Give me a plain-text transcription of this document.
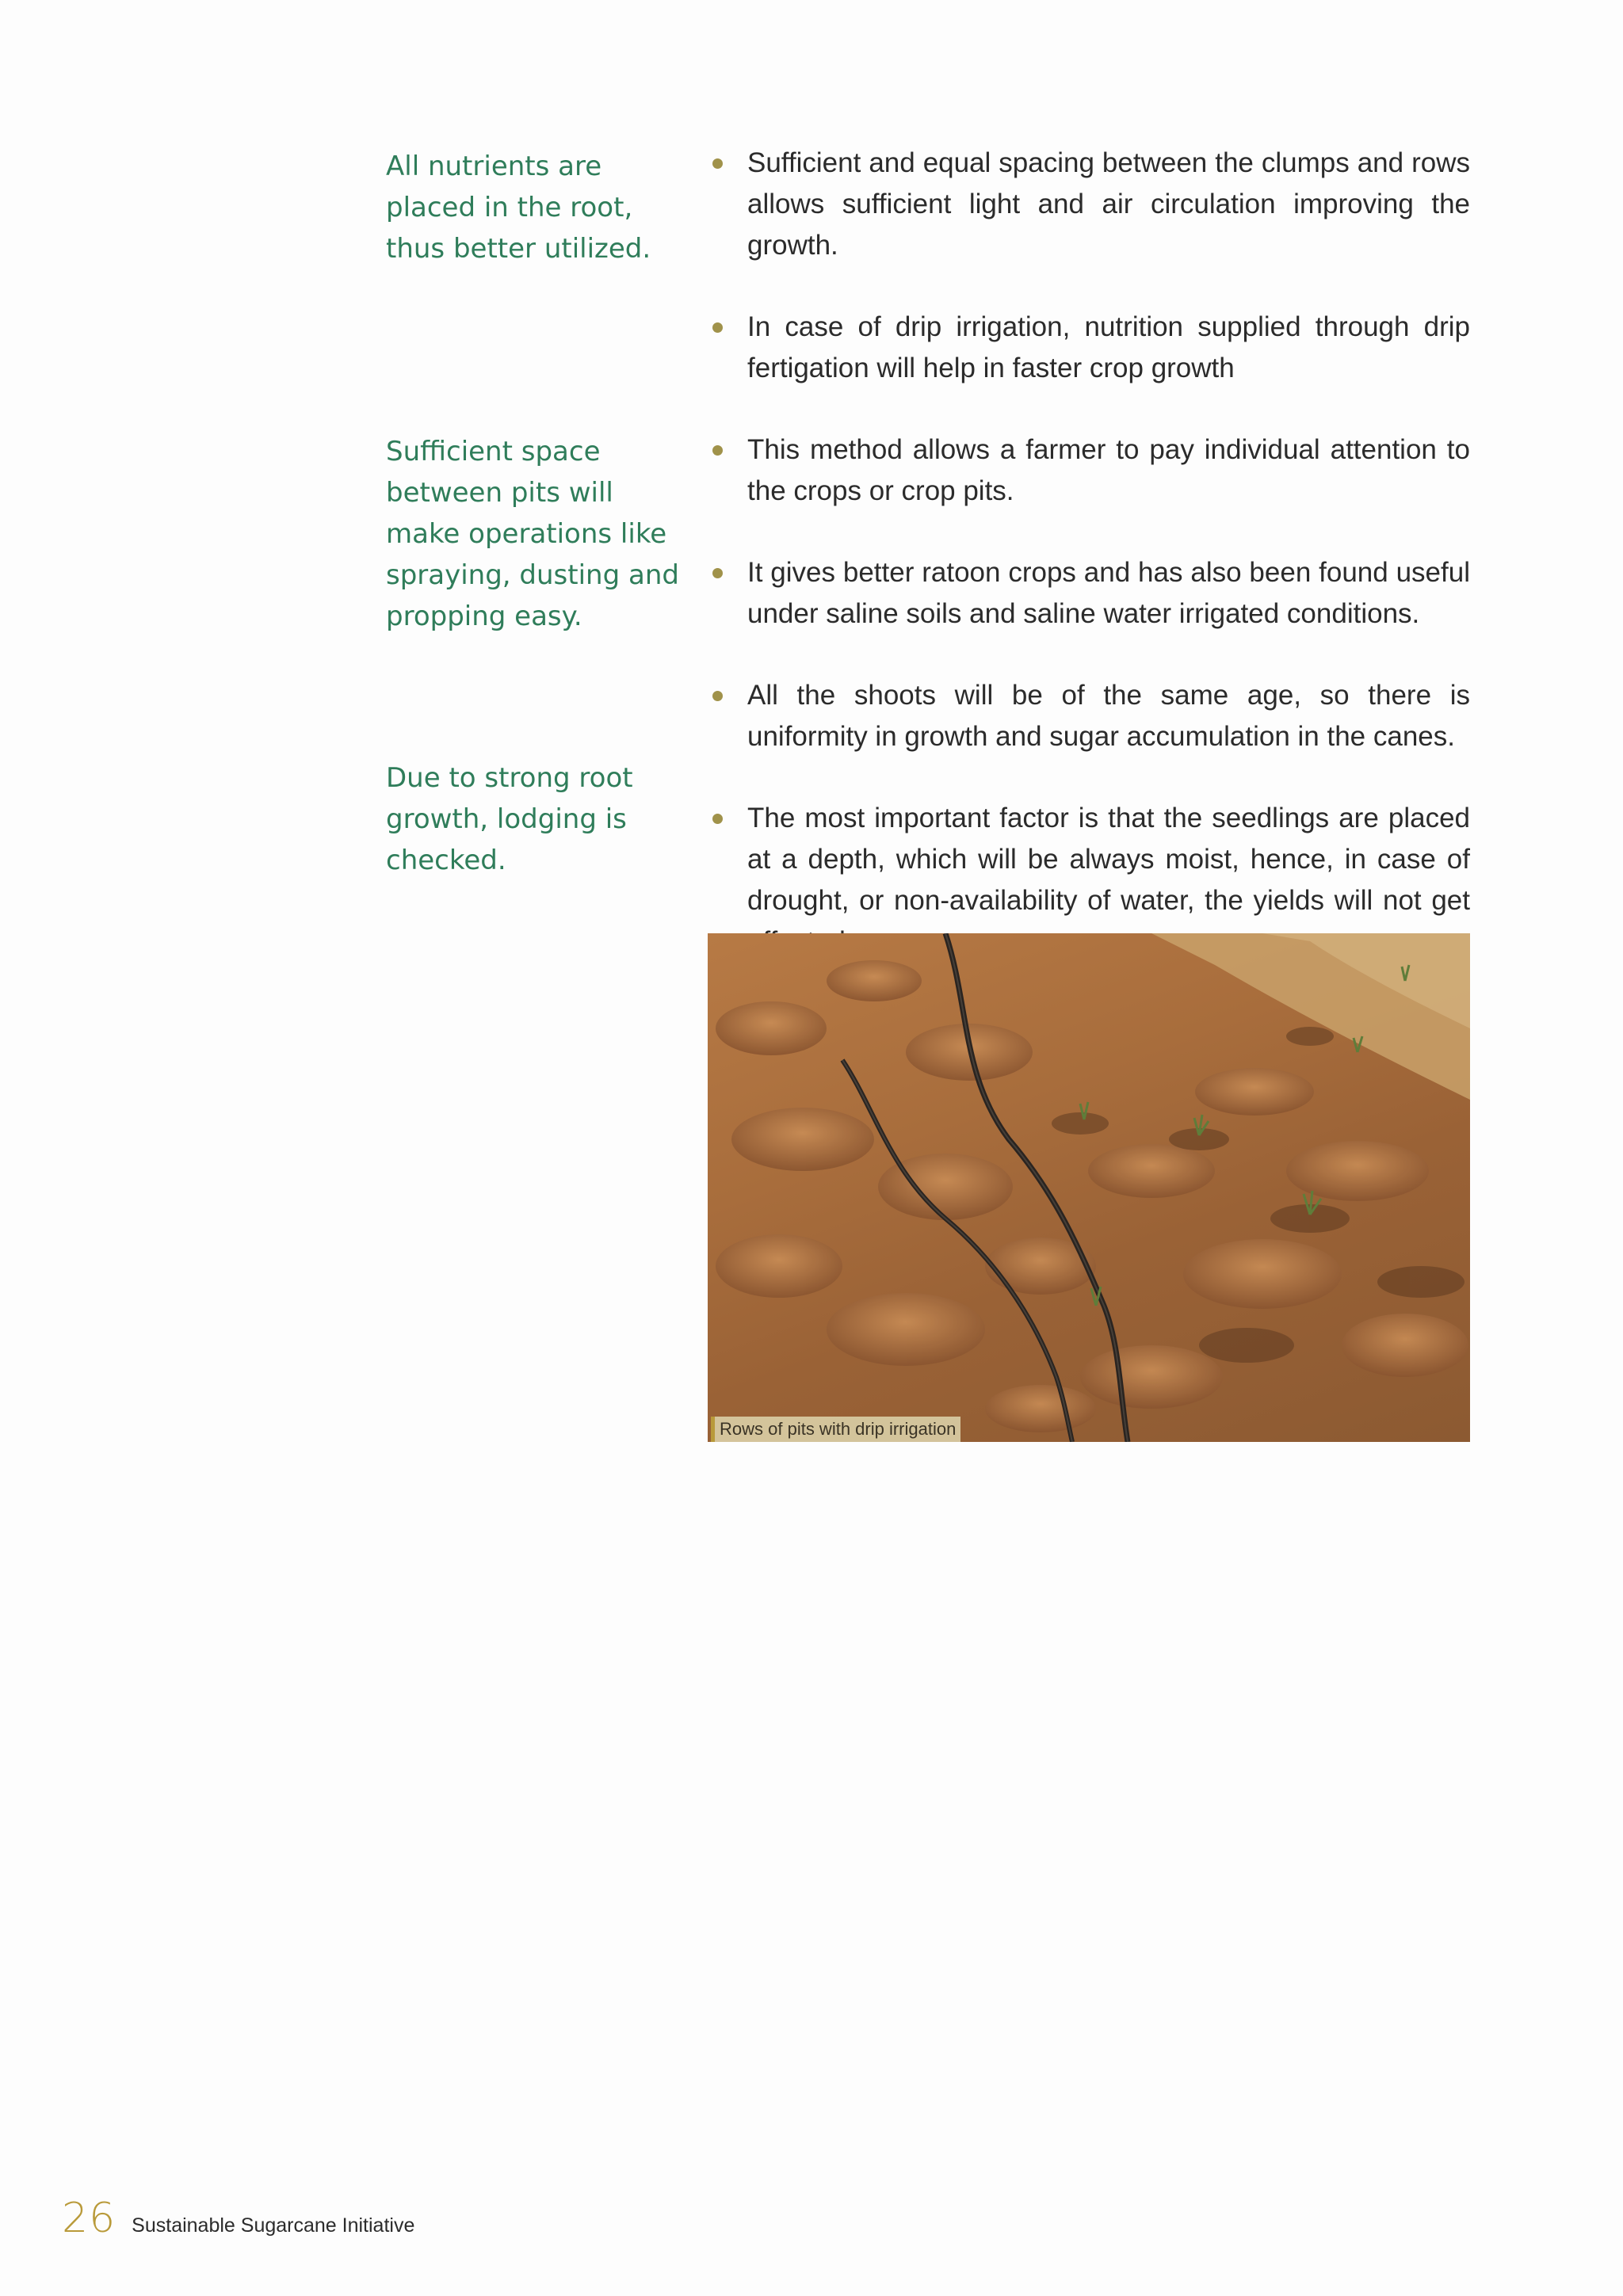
All nutrients are placed in the root, thus better utilized.
Sufficient space between pits will make operations like spraying, dusting and propping easy.
Due to strong root growth, lodging is checked.
Sufficient and equal spacing between the clumps and rows allows sufficient light and air circulation improving the growth.
In case of drip irrigation, nutrition supplied through drip fertigation will help in faster crop growth
This method allows a farmer to pay individual attention to the crops or crop pits.
It gives better ratoon crops and has also been found useful under saline soils and saline water irrigated conditions.
All the shoots will be of the same age, so there is uniformity in growth and sugar accumulation in the canes.
The most important factor is that the seedlings are placed at a depth, which will be always moist, hence, in case of drought, or non-availability of water, the yields will not get
Rows of pits with drip irrigation
26 Sustainable Sugarcane Initiative
